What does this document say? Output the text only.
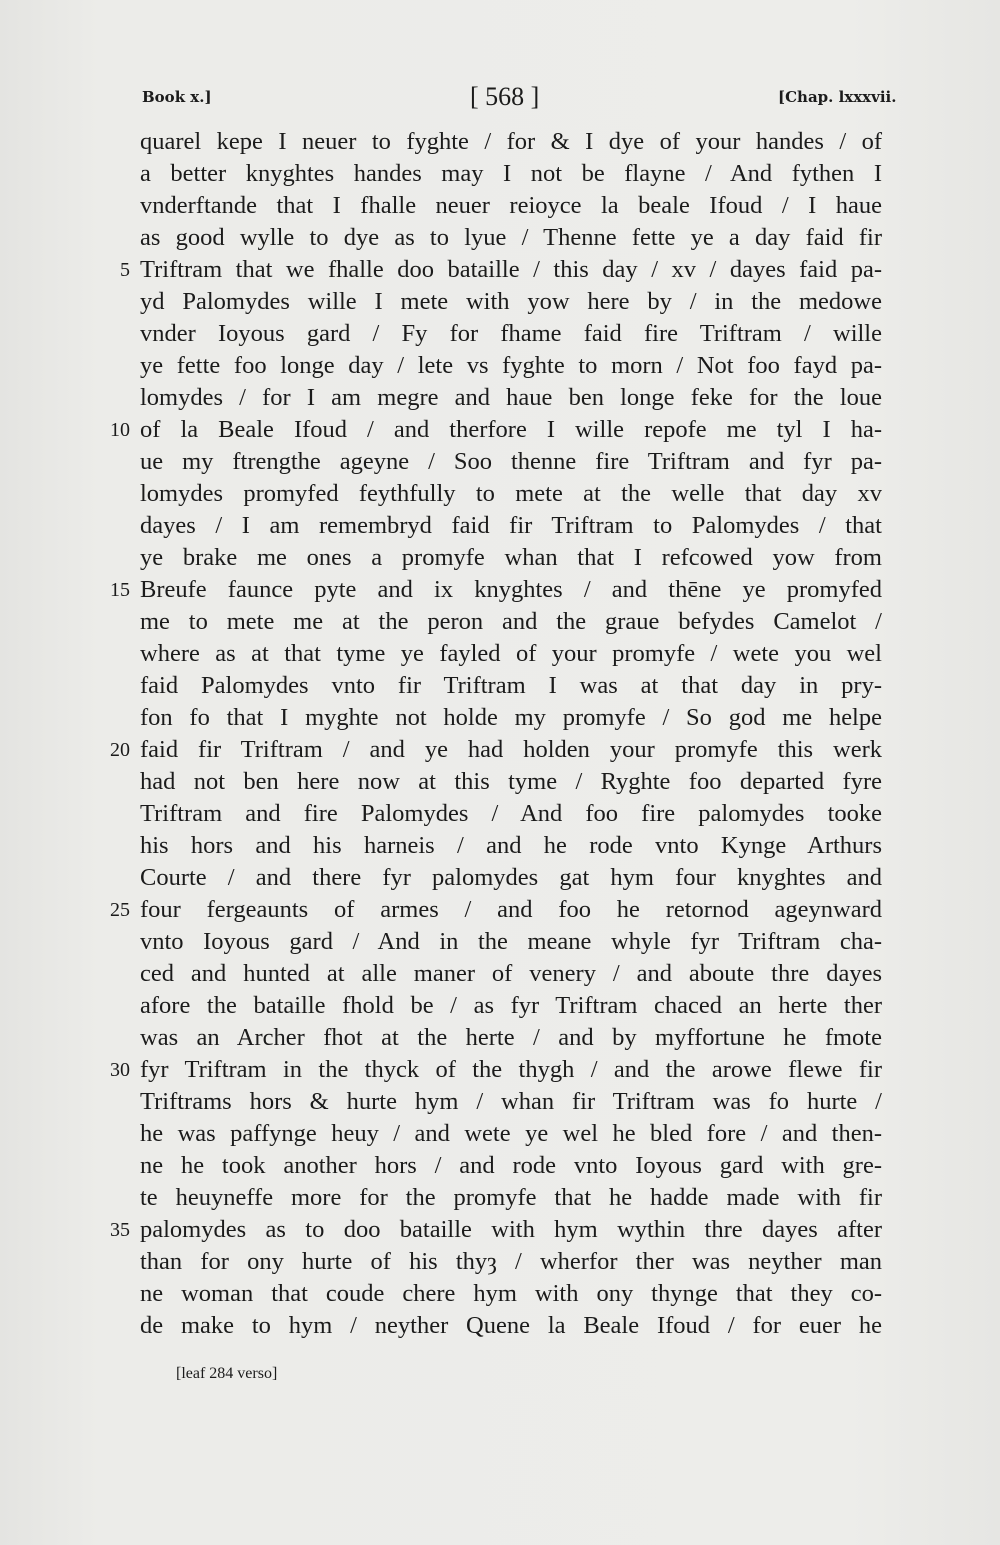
Book x.]	[ 568 ]	[Chap. lxxxvii.
quarel kepe I neuer to fyghte / for & I dye of your handes / of
a better knyghtes handes may I not be flayne / And fythen I
vnderftande that I fhalle neuer reioyce la beale Ifoud / I haue
as good wylle to dye as to lyue / Thenne fette ye a day faid fir
5 Triftram that we fhalle doo bataille / this day / xv / dayes faid pa-
yd Palomydes wille I mete with yow here by / in the medowe
vnder Ioyous gard / Fy for fhame faid fire Triftram / wille
ye fette foo longe day / lete vs fyghte to morn / Not foo fayd pa-
lomydes / for I am megre and haue ben longe feke for the loue
10 of la Beale Ifoud / and therfore I wille repofe me tyl I ha-
ue my ftrengthe ageyne / Soo thenne fire Triftram and fyr pa-
lomydes promyfed feythfully to mete at the welle that day xv
dayes / I am remembryd faid fir Triftram to Palomydes / that
ye brake me ones a promyfe whan that I refcowed yow from
15 Breufe faunce pyte and ix knyghtes / and thēne ye promyfed
me to mete me at the peron and the graue befydes Camelot /
where as at that tyme ye fayled of your promyfe / wete you wel
faid Palomydes vnto fir Triftram I was at that day in pry-
fon fo that I myghte not holde my promyfe / So god me helpe
20 faid fir Triftram / and ye had holden your promyfe this werk
had not ben here now at this tyme / Ryghte foo departed fyre
Triftram and fire Palomydes / And foo fire palomydes tooke
his hors and his harneis / and he rode vnto Kynge Arthurs
Courte / and there fyr palomydes gat hym four knyghtes and
25 four fergeaunts of armes / and foo he retornod ageynward
vnto Ioyous gard / And in the meane whyle fyr Triftram cha-
ced and hunted at alle maner of venery / and aboute thre dayes
afore the bataille fhold be / as fyr Triftram chaced an herte ther
was an Archer fhot at the herte / and by myffortune he fmote
30 fyr Triftram in the thyck of the thygh / and the arowe flewe fir
Triftrams hors & hurte hym / whan fir Triftram was fo hurte /
he was paffynge heuy / and wete ye wel he bled fore / and then-
ne he took another hors / and rode vnto Ioyous gard with gre-
te heuyneffe more for the promyfe that he hadde made with fir
35 palomydes as to doo bataille with hym wythin thre dayes after
than for ony hurte of his thyȝ / wherfor ther was neyther man
ne woman that coude chere hym with ony thynge that they co-
de make to hym / neyther Quene la Beale Ifoud / for euer he
[leaf 284 verso]
